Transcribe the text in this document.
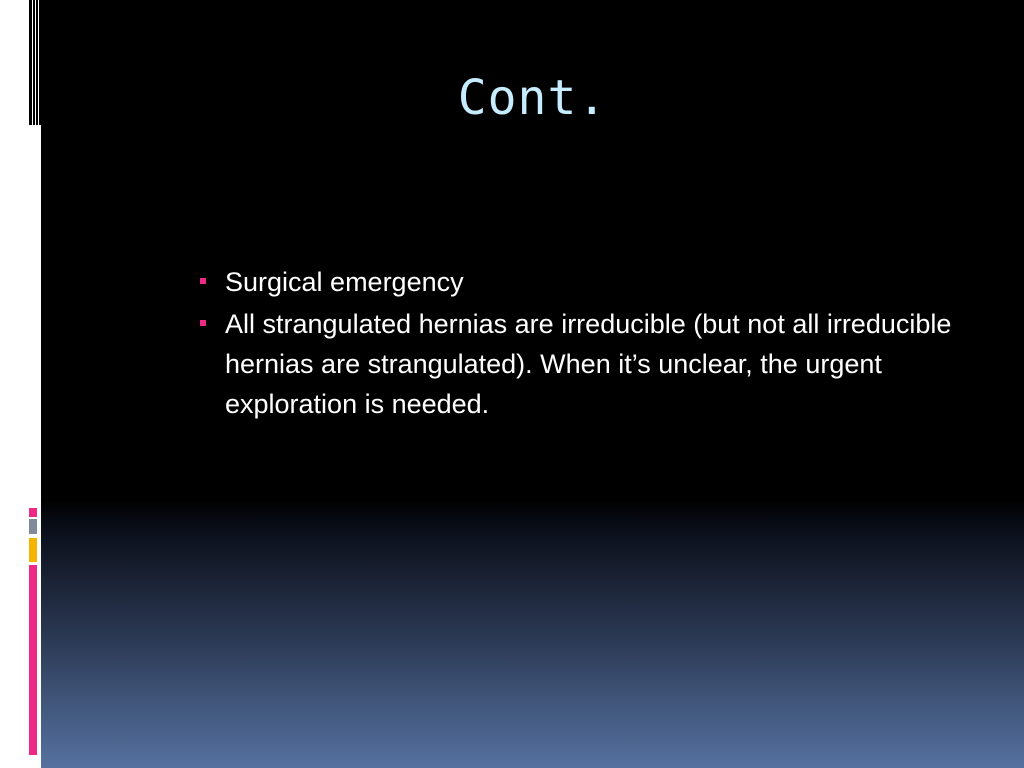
Cont.
Surgical emergency
All strangulated hernias are irreducible (but not all irreducible hernias are strangulated). When it’s unclear, the urgent exploration is needed.
